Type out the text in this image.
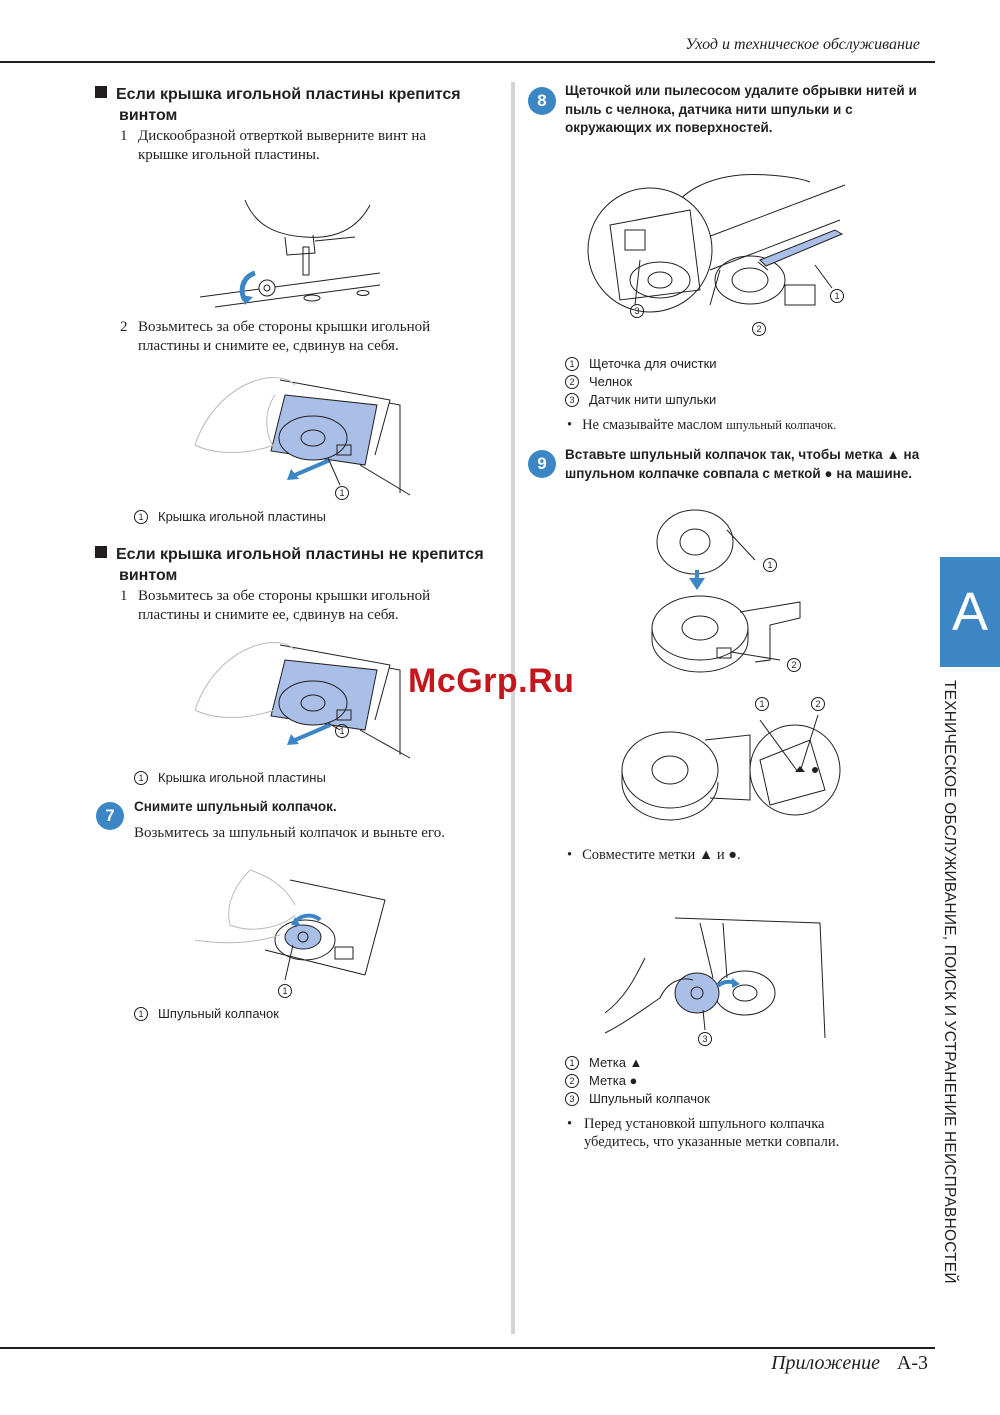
Уход и техническое обслуживание
Приложение A-3
A
ТЕХНИЧЕСКОЕ ОБСЛУЖИВАНИЕ, ПОИСК И УСТРАНЕНИЕ НЕИСПРАВНОСТЕЙ
Если крышка игольной пластины крепится
винтом
1 Дискообразной отверткой выверните винт на
крышке игольной пластины.
2 Возьмитесь за обе стороны крышки игольной
пластины и снимите ее, сдвинув на себя.
1
1 Крышка игольной пластины
Если крышка игольной пластины не крепится
винтом
1 Возьмитесь за обе стороны крышки игольной
пластины и снимите ее, сдвинув на себя.
1
1 Крышка игольной пластины
7	Снимите шпульный колпачок.
Возьмитесь за шпульный колпачок и выньте его.
1
1 Шпульный колпачок
8
Щеточкой или пылесосом удалите обрывки нитей и
пыль с челнока, датчика нити шпульки и с
окружающих их поверхностей.
1
2
3
1 Щеточка для очистки
2 Челнок
3 Датчик нити шпульки
• Не смазывайте маслом шпульный колпачок.
9	Вставьте шпульный колпачок так, чтобы метка ▲ на
шпульном колпачке совпала с меткой ● на машине.
1
2
1	2
• Совместите метки ▲ и ●.
3
1 Метка ▲
2 Метка ●
3 Шпульный колпачок
• Перед установкой шпульного колпачка
убедитесь, что указанные метки совпали.
McGrp.Ru
